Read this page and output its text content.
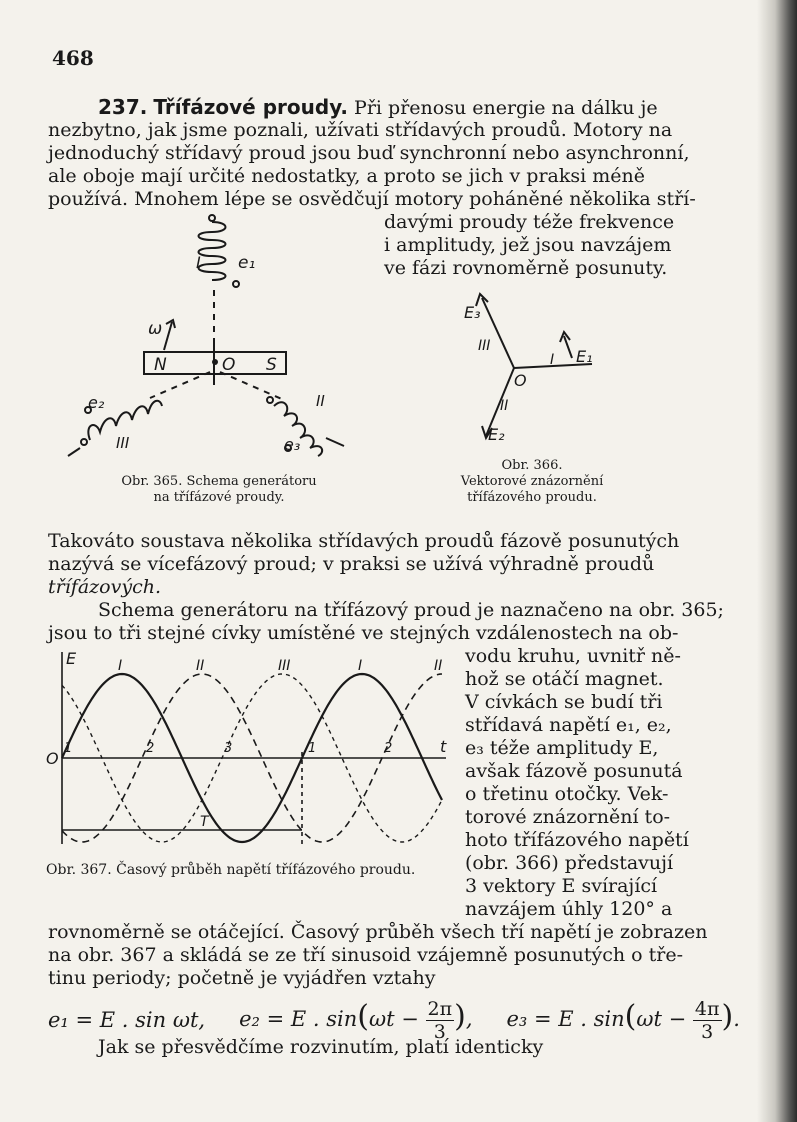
468
237. Třífázové proudy. Při přenosu energie na dálku je
nezbytno, jak jsme poznali, užívati střídavých proudů. Motory na
jednoduchý střídavý proud jsou buď synchronní nebo asynchronní,
ale oboje mají určité nedostatky, a proto se jich v praksi méně
používá. Mnohem lépe se osvědčují motory poháněné několika stří-
davými proudy téže frekvence
i amplitudy, jež jsou navzájem
ve fázi rovnoměrně posunuty.
e₁
I
ω
N	O S
e₂
III
II
e₃
Obr. 365. Schema generátoru
na třífázové proudy.
E₃
III
I E₁
O
II
E₂
Obr. 366.
Vektorové znázornění
třífázového proudu.
Takováto soustava několika střídavých proudů fázově posunutých
nazývá se vícefázový proud; v praksi se užívá výhradně proudů
třífázových.
Schema generátoru na třífázový proud je naznačeno na obr. 365;
jsou to tři stejné cívky umístěné ve stejných vzdálenostech na ob-
vodu kruhu, uvnitř ně-
hož se otáčí magnet.
V cívkách se budí tři
střídavá napětí e₁, e₂,
e₃ téže amplitudy E,
avšak fázově posunutá
o třetinu otočky. Vek-
torové znázornění to-
hoto třífázového napětí
(obr. 366) představují
3 vektory E svírající
navzájem úhly 120° a
E
O
t
T
I	II	III	I	II
1	2	3	1	2
Obr. 367. Časový průběh napětí třífázového proudu.
rovnoměrně se otáčející. Časový průběh všech tří napětí je zobrazen
na obr. 367 a skládá se ze tří sinusoid vzájemně posunutých o tře-
tinu periody; početně je vyjádřen vztahy
e₁ = E . sin ωt, e₂ = E . $\sin(\omega t - \frac{2\pi}{3}$ ), e₃ = E . $\sin(\omega t - \frac{4\pi}{3}$ ).
Jak se přesvědčíme rozvinutím, platí identicky
